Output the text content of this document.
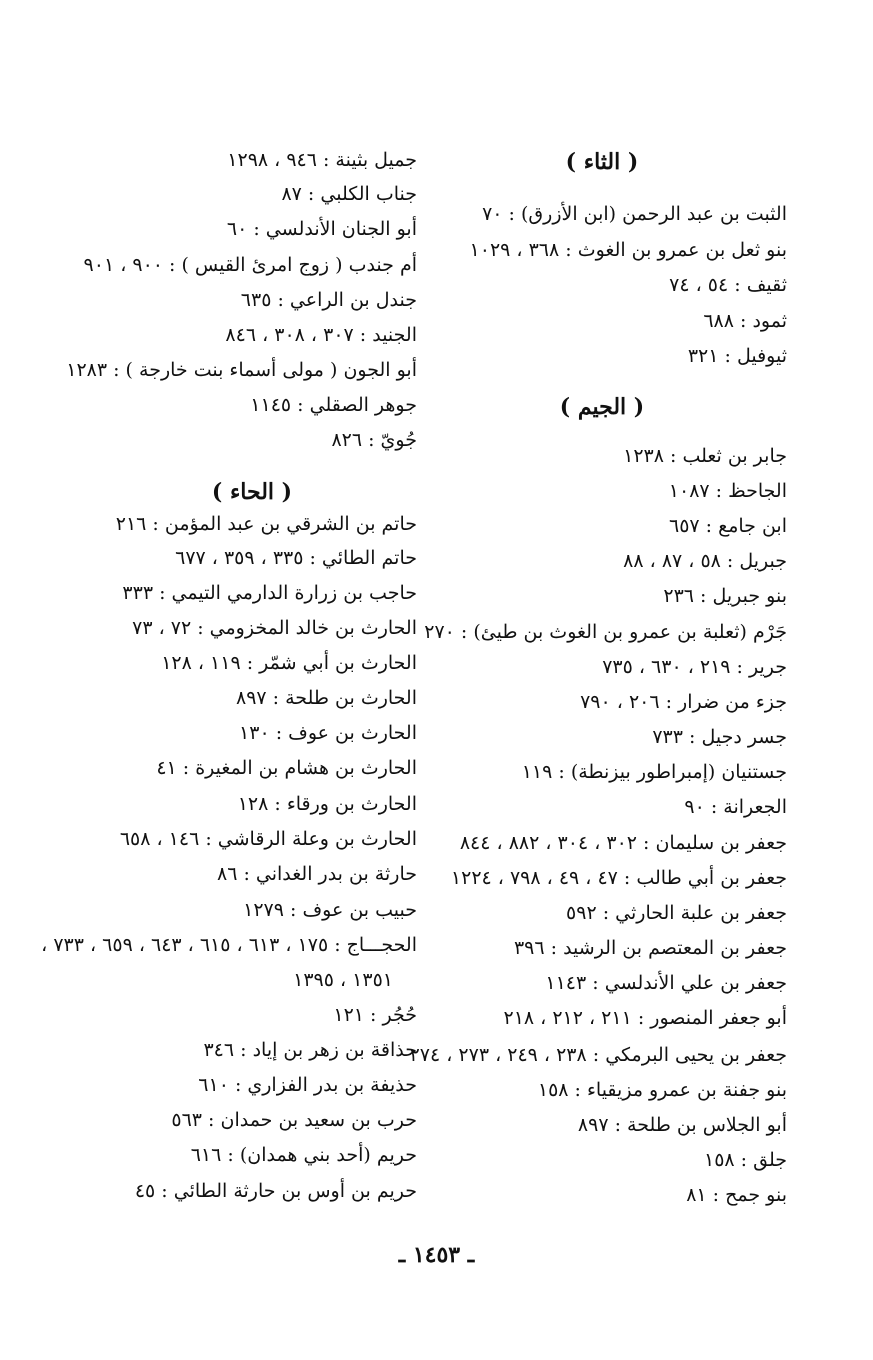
( الثاء )
الثبت بن عبد الرحمن (ابن الأزرق) : ٧٠
بنو ثعل بن عمرو بن الغوث : ٣٦٨ ، ١٠٢٩
ثقيف : ٥٤ ، ٧٤
ثمود : ٦٨٨
ثيوفيل : ٣٢١
( الجيم )
جابر بن ثعلب : ١٢٣٨
الجاحظ : ١٠٨٧
ابن جامع : ٦٥٧
جبريل : ٥٨ ، ٨٧ ، ٨٨
بنو جبريل : ٢٣٦
جَرْم (ثعلبة بن عمرو بن الغوث بن طيئ) : ٢٧٠
جرير : ٢١٩ ، ٦٣٠ ، ٧٣٥
جزء من ضرار : ٢٠٦ ، ٧٩٠
جسر دجيل : ٧٣٣
جستنيان (إمبراطور بيزنطة) : ١١٩
الجعرانة : ٩٠
جعفر بن سليمان : ٣٠٢ ، ٣٠٤ ، ٨٨٢ ، ٨٤٤
جعفر بن أبي طالب : ٤٧ ، ٤٩ ، ٧٩٨ ، ١٢٢٤
جعفر بن علبة الحارثي : ٥٩٢
جعفر بن المعتصم بن الرشيد : ٣٩٦
جعفر بن علي الأندلسي : ١١٤٣
أبو جعفر المنصور : ٢١١ ، ٢١٢ ، ٢١٨
جعفر بن يحيى البرمكي : ٢٣٨ ، ٢٤٩ ، ٢٧٣ ، ٢٧٤
بنو جفنة بن عمرو مزيقياء : ١٥٨
أبو الجلاس بن طلحة : ٨٩٧
جلق : ١٥٨
بنو جمح : ٨١
جميل بثينة : ٩٤٦ ، ١٢٩٨
جناب الكلبي : ٨٧
أبو الجنان الأندلسي : ٦٠
أم جندب ( زوج امرئ القيس ) : ٩٠٠ ، ٩٠١
جندل بن الراعي : ٦٣٥
الجنيد : ٣٠٧ ، ٣٠٨ ، ٨٤٦
أبو الجون ( مولى أسماء بنت خارجة ) : ١٢٨٣
جوهر الصقلي : ١١٤٥
جُويّ : ٨٢٦
( الحاء )
حاتم بن الشرقي بن عبد المؤمن : ٢١٦
حاتم الطائي : ٣٣٥ ، ٣٥٩ ، ٦٧٧
حاجب بن زرارة الدارمي التيمي : ٣٣٣
الحارث بن خالد المخزومي : ٧٢ ، ٧٣
الحارث بن أبي شمّر : ١١٩ ، ١٢٨
الحارث بن طلحة : ٨٩٧
الحارث بن عوف : ١٣٠
الحارث بن هشام بن المغيرة : ٤١
الحارث بن ورقاء : ١٢٨
الحارث بن وعلة الرقاشي : ١٤٦ ، ٦٥٨
حارثة بن بدر الغداني : ٨٦
حبيب بن عوف : ١٢٧٩
الحجـــاج : ١٧٥ ، ٦١٣ ، ٦١٥ ، ٦٤٣ ، ٦٥٩ ، ٧٣٣ ،
١٣٥١ ، ١٣٩٥
حُجُر : ١٢١
حذاقة بن زهر بن إياد : ٣٤٦
حذيفة بن بدر الفزاري : ٦١٠
حرب بن سعيد بن حمدان : ٥٦٣
حريم (أحد بني همدان) : ٦١٦
حريم بن أوس بن حارثة الطائي : ٤٥
ـ ١٤٥٣ ـ
